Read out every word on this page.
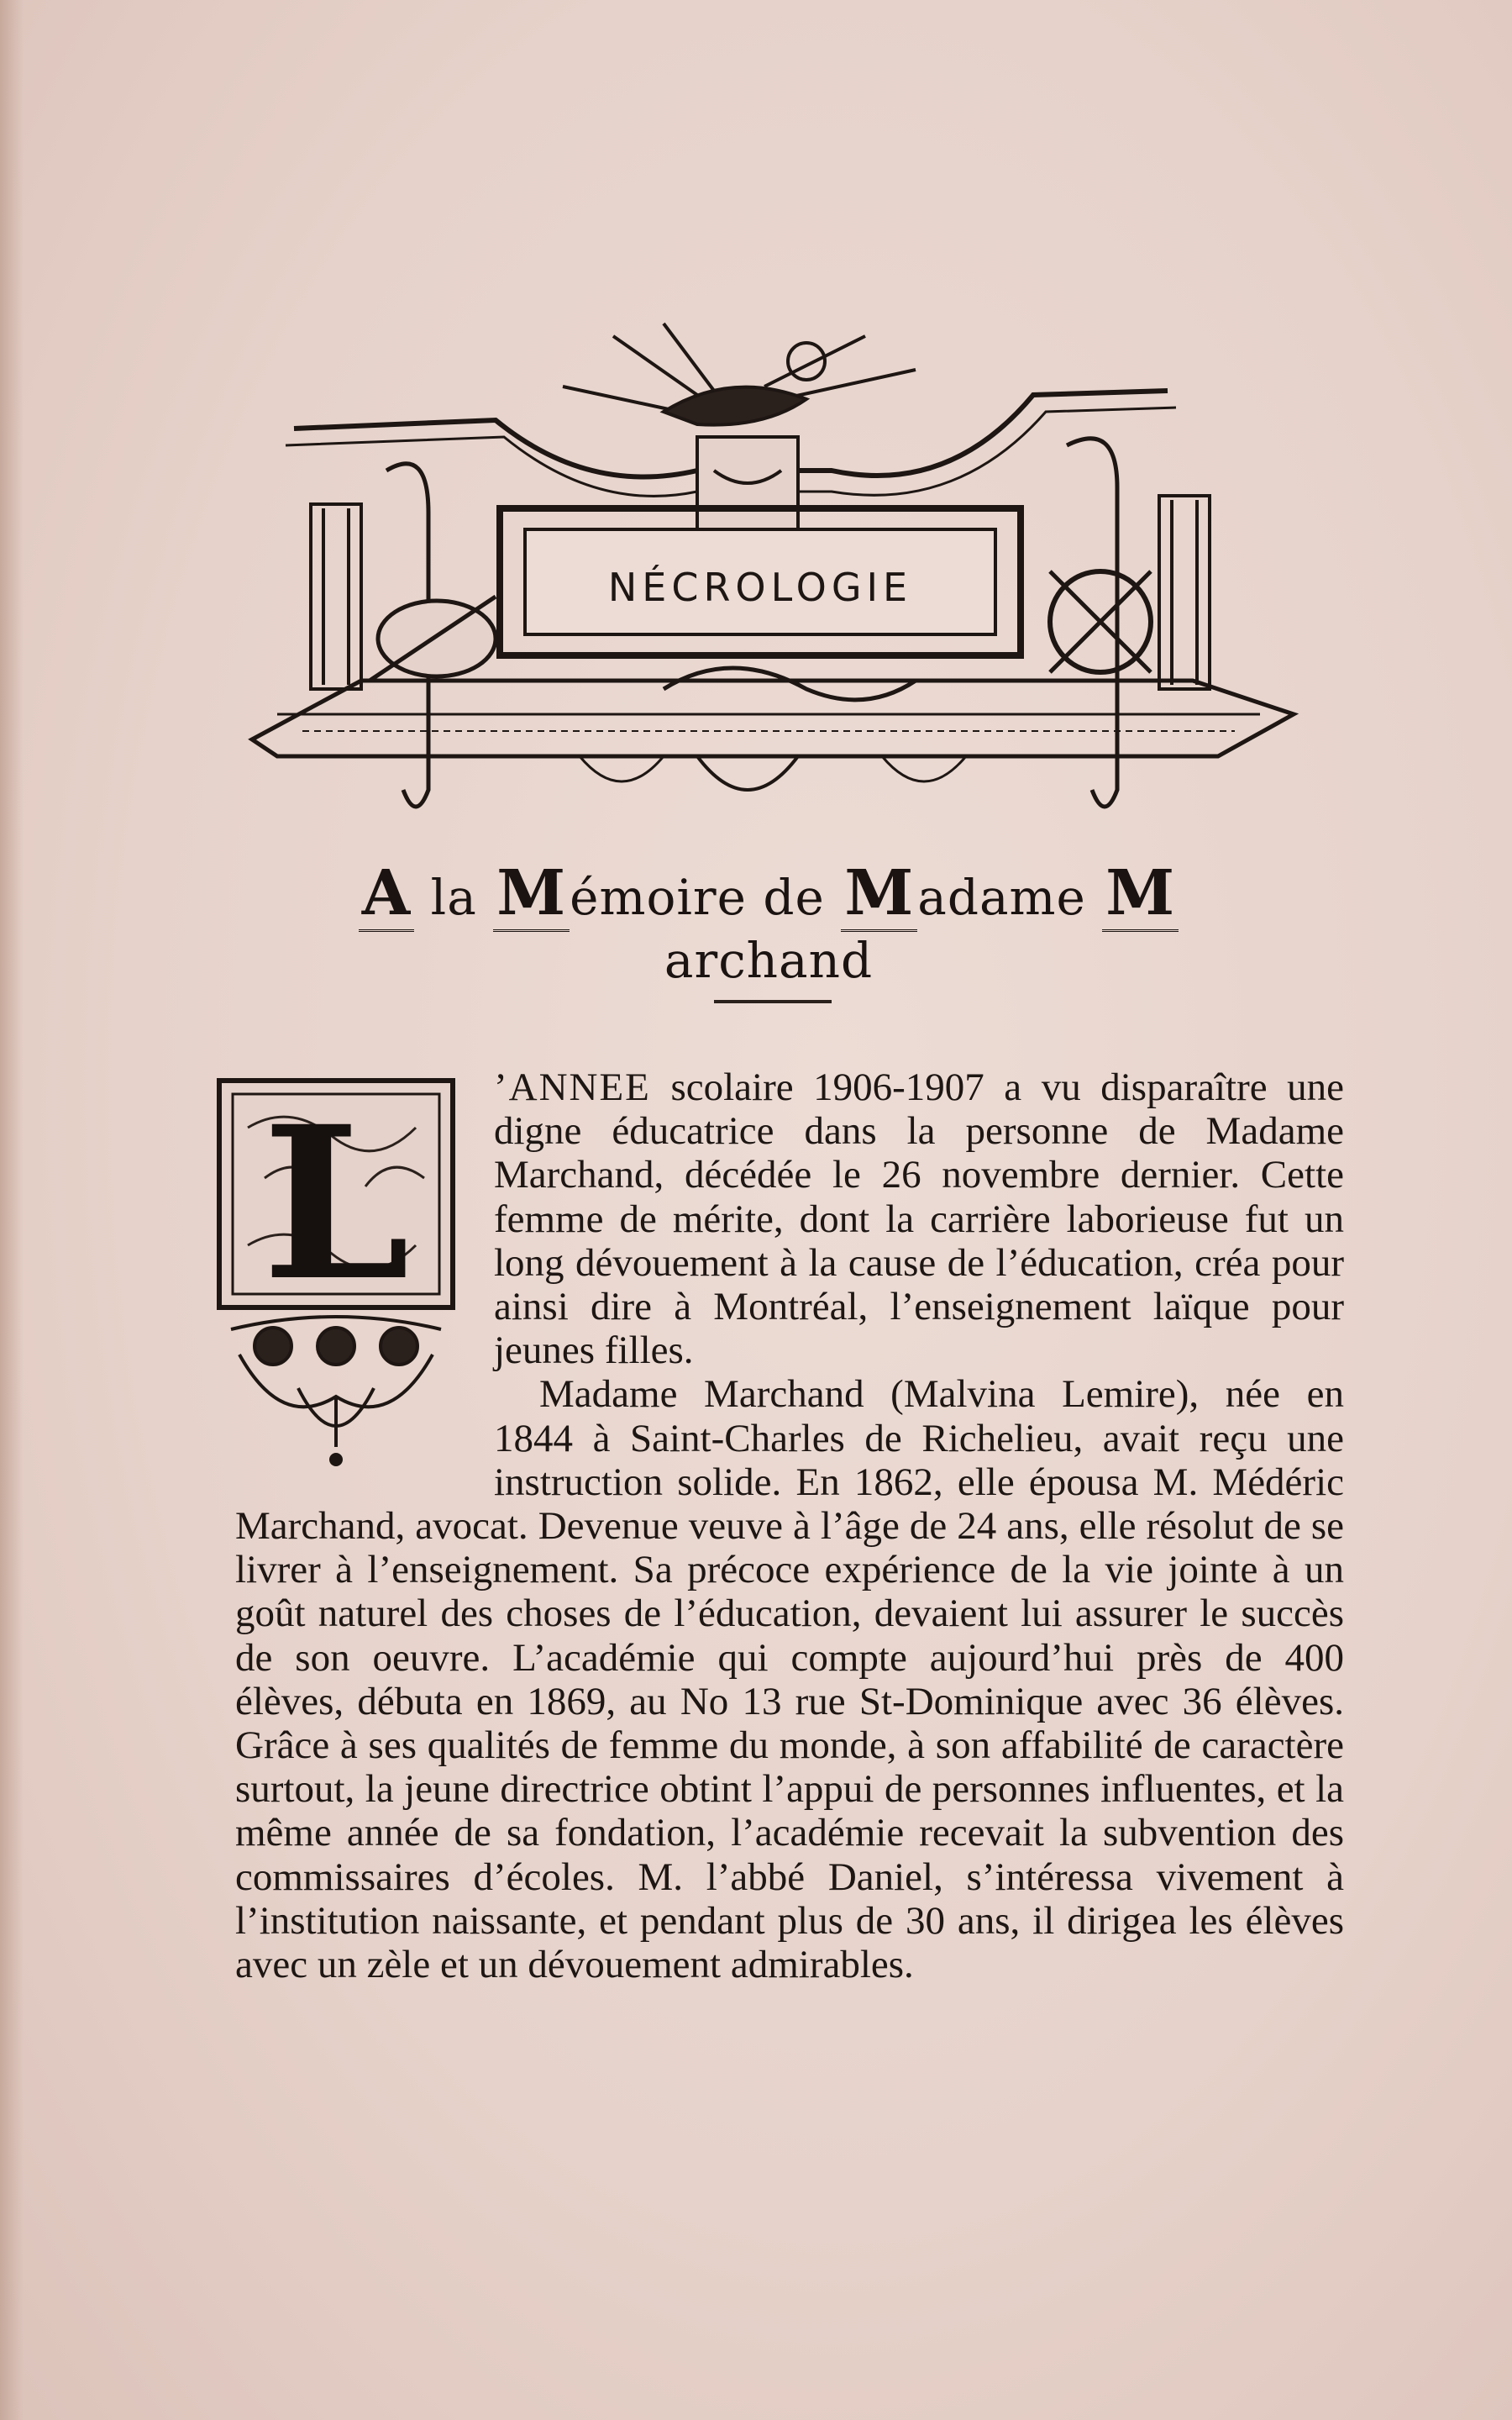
NÉCROLOGIE
A la Mémoire de Madame Marchand
L	’ANNEE scolaire 1906-1907 a vu disparaître une digne éducatrice dans la personne de Madame Marchand, décédée le 26 novembre dernier. Cette femme de mérite, dont la carrière laborieuse fut un long dévouement à la cause de l’éducation, créa pour ainsi dire à Montréal, l’enseignement laïque pour jeunes filles.

Madame Marchand (Malvina Lemire), née en 1844 à Saint-Charles de Richelieu, avait reçu une instruction solide. En 1862, elle épousa M. Médéric Marchand, avocat. Devenue veuve à l’âge de 24 ans, elle résolut de se livrer à l’enseignement. Sa précoce expérience de la vie jointe à un goût naturel des choses de l’éducation, devaient lui assurer le succès de son oeuvre. L’académie qui compte aujourd’hui près de 400 élèves, débuta en 1869, au No 13 rue St-Dominique avec 36 élèves. Grâce à ses qualités de femme du monde, à son affabilité de caractère surtout, la jeune directrice obtint l’appui de personnes influentes, et la même année de sa fondation, l’académie recevait la subvention des commissaires d’écoles. M. l’abbé Daniel, s’intéressa vivement à l’institution naissante, et pendant plus de 30 ans, il dirigea les élèves avec un zèle et un dévouement admirables.
